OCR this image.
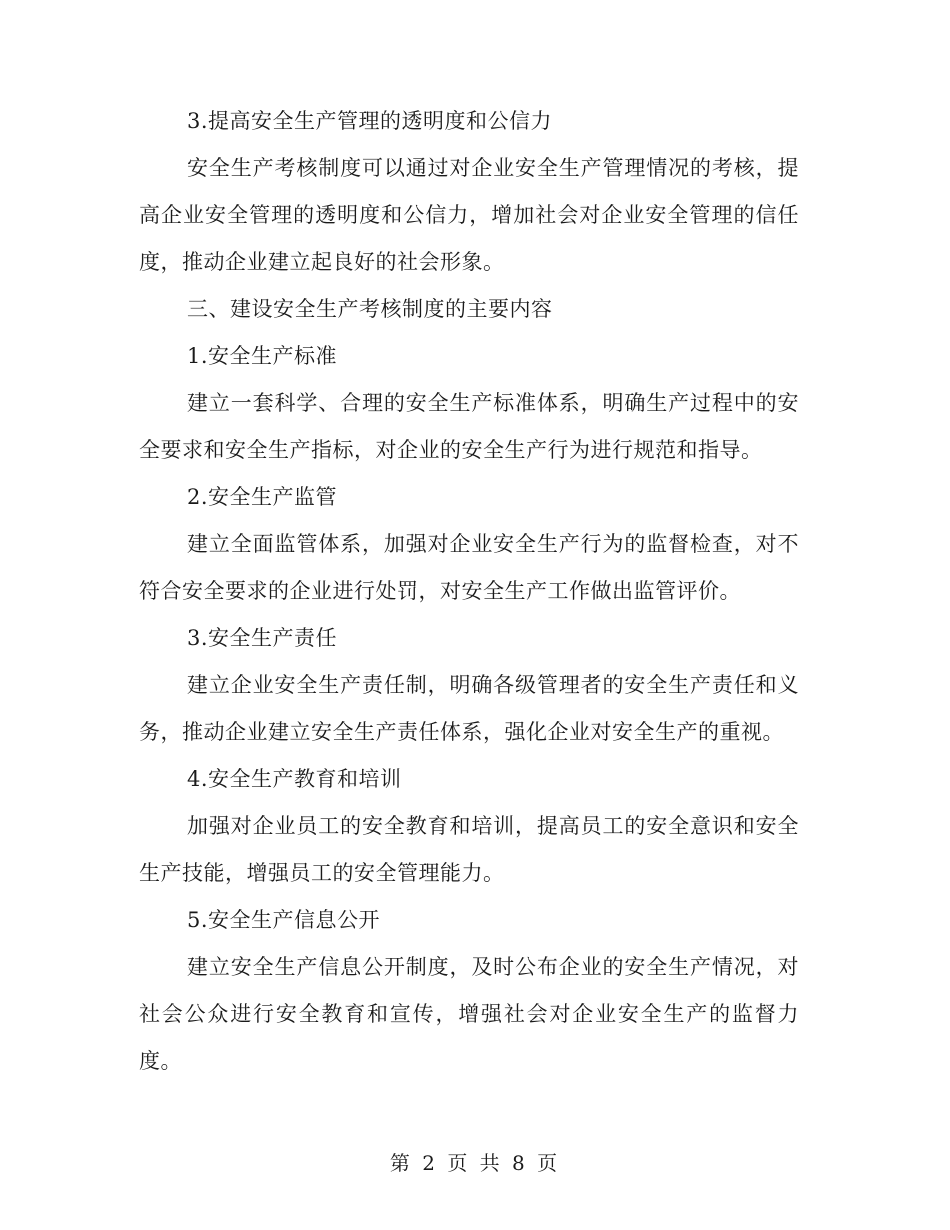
3.提高安全生产管理的透明度和公信力

安全生产考核制度可以通过对企业安全生产管理情况的考核，提高企业安全管理的透明度和公信力，增加社会对企业安全管理的信任度，推动企业建立起良好的社会形象。

三、建设安全生产考核制度的主要内容

1.安全生产标准

建立一套科学、合理的安全生产标准体系，明确生产过程中的安全要求和安全生产指标，对企业的安全生产行为进行规范和指导。

2.安全生产监管

建立全面监管体系，加强对企业安全生产行为的监督检查，对不符合安全要求的企业进行处罚，对安全生产工作做出监管评价。

3.安全生产责任

建立企业安全生产责任制，明确各级管理者的安全生产责任和义务，推动企业建立安全生产责任体系，强化企业对安全生产的重视。

4.安全生产教育和培训

加强对企业员工的安全教育和培训，提高员工的安全意识和安全生产技能，增强员工的安全管理能力。

5.安全生产信息公开

建立安全生产信息公开制度，及时公布企业的安全生产情况，对社会公众进行安全教育和宣传，增强社会对企业安全生产的监督力度。

第 2 页 共 8 页
